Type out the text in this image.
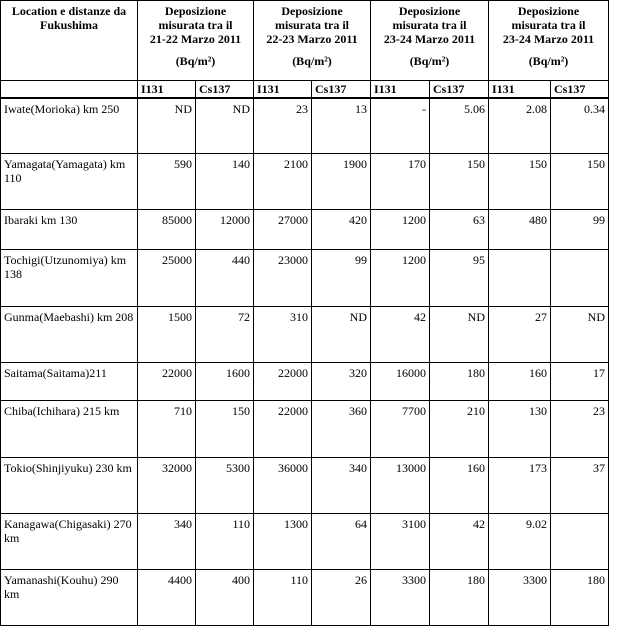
Location e distanze da Fukushima	Deposizione
misurata tra il
21-22 Marzo 2011
(Bq/m²)		Deposizione
misurata tra il
22-23 Marzo 2011
(Bq/m²)		Deposizione
misurata tra il
23-24 Marzo 2011
(Bq/m²)		Deposizione
misurata tra il
23-24 Marzo 2011
(Bq/m²)	

	I131	Cs137	I131	Cs137	I131	Cs137	I131	Cs137
Iwate(Morioka) km 250	ND	ND	23	13	-	5.06	2.08	0.34
Yamagata(Yamagata) km 110	590	140	2100	1900	170	150	150	150
Ibaraki km 130	85000	12000	27000	420	1200	63	480	99
Tochigi(Utzunomiya) km 138	25000	440	23000	99	1200	95		
Gunma(Maebashi) km 208	1500	72	310	ND	42	ND	27	ND
Saitama(Saitama)211	22000	1600	22000	320	16000	180	160	17
Chiba(Ichihara) 215 km	710	150	22000	360	7700	210	130	23
Tokio(Shinjiyuku) 230 km	32000	5300	36000	340	13000	160	173	37
Kanagawa(Chigasaki) 270 km	340	110	1300	64	3100	42	9.02	
Yamanashi(Kouhu) 290 km	4400	400	110	26	3300	180	3300	180
